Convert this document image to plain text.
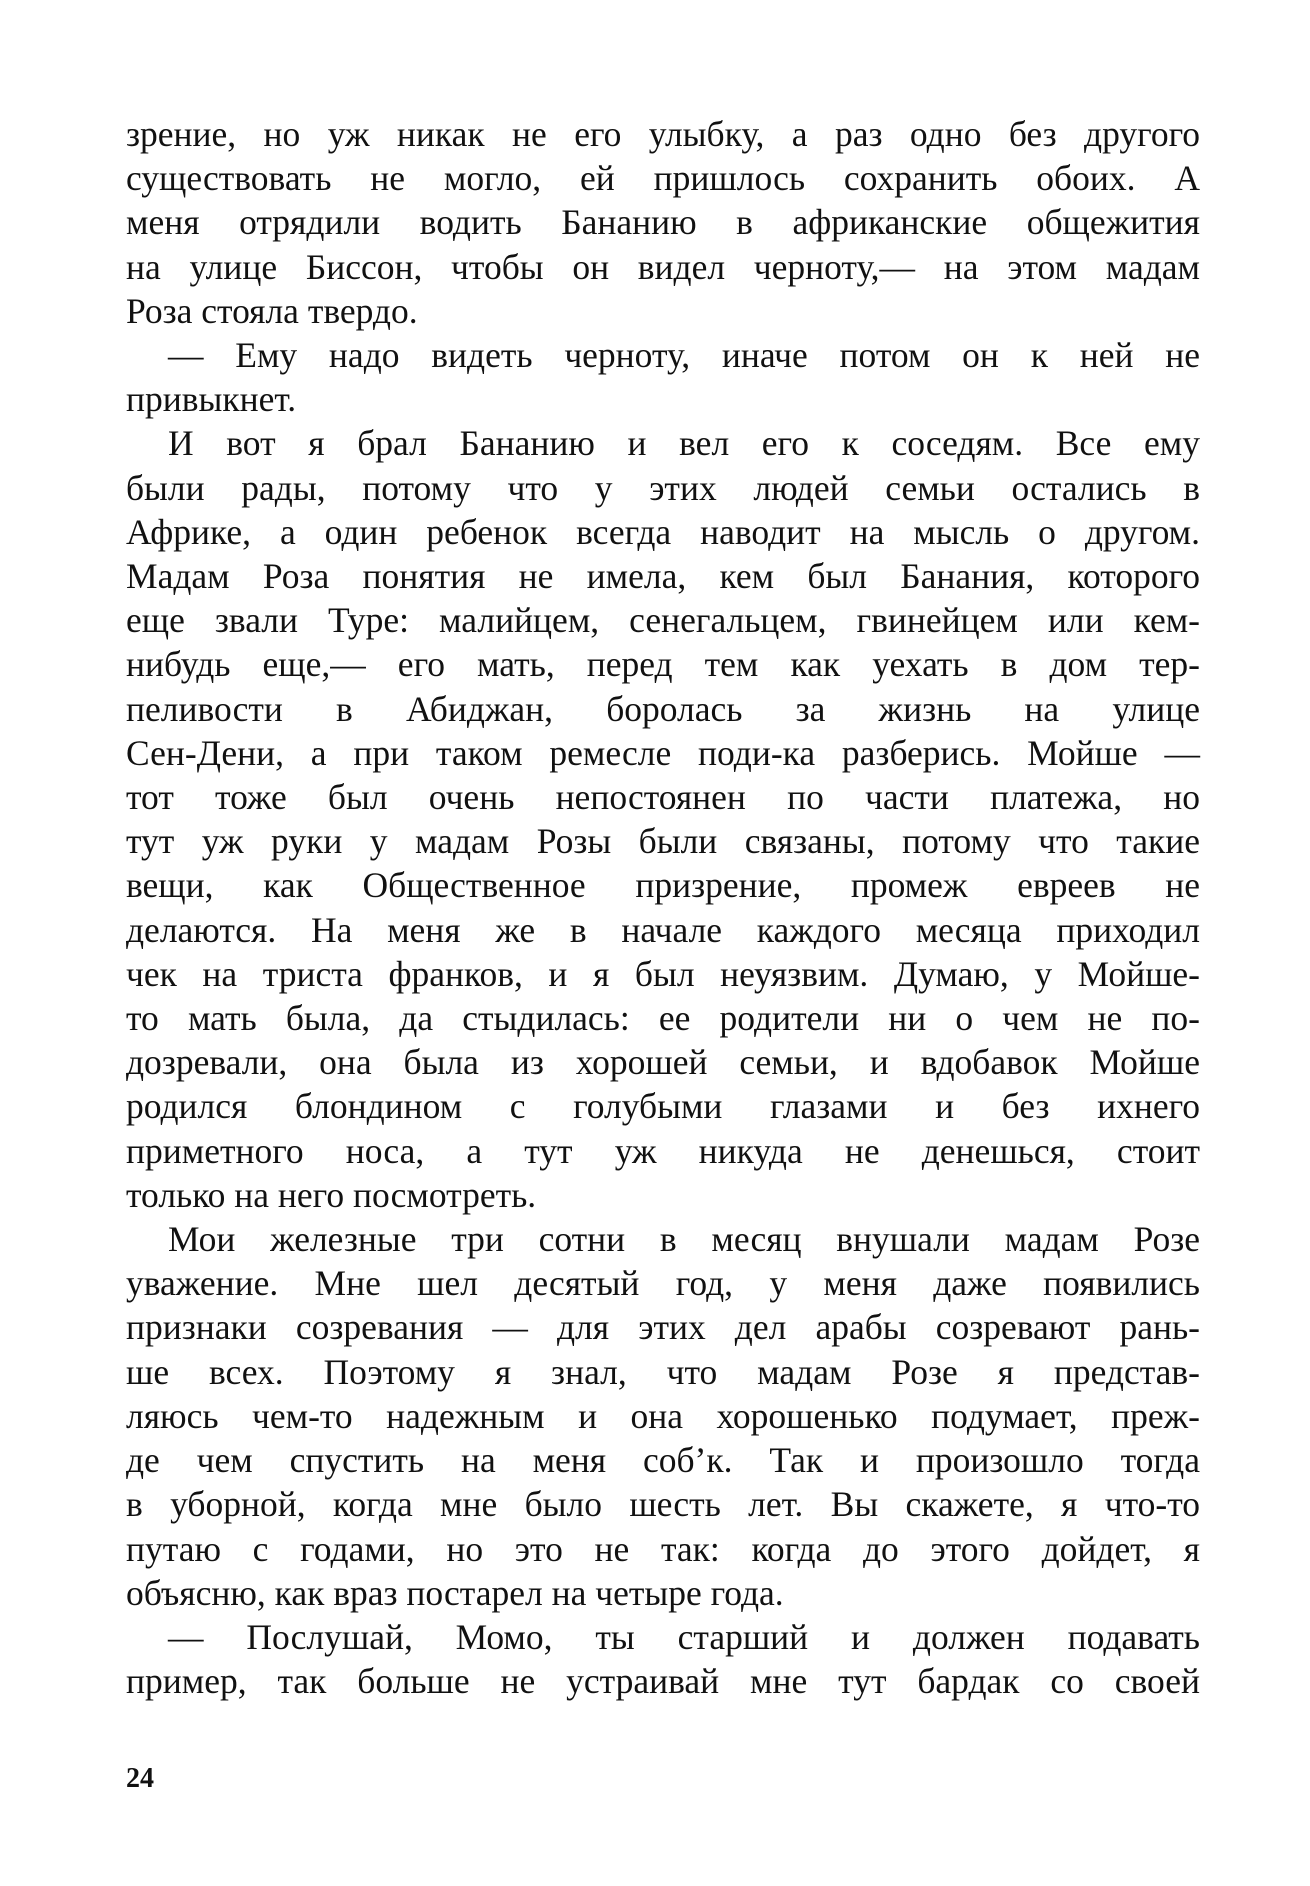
зрение, но уж никак не его улыбку, а раз одно без другого
существовать не могло, ей пришлось сохранить обоих. А
меня отрядили водить Бананию в африканские общежития
на улице Биссон, чтобы он видел черноту,— на этом мадам
Роза стояла твердо.
— Ему надо видеть черноту, иначе потом он к ней не
привыкнет.
И вот я брал Бананию и вел его к соседям. Все ему
были рады, потому что у этих людей семьи остались в
Африке, а один ребенок всегда наводит на мысль о другом.
Мадам Роза понятия не имела, кем был Банания, которого
еще звали Туре: малийцем, сенегальцем, гвинейцем или кем-
нибудь еще,— его мать, перед тем как уехать в дом тер-
пеливости в Абиджан, боролась за жизнь на улице
Сен-Дени, а при таком ремесле поди-ка разберись. Мойше —
тот тоже был очень непостоянен по части платежа, но
тут уж руки у мадам Розы были связаны, потому что такие
вещи, как Общественное призрение, промеж евреев не
делаются. На меня же в начале каждого месяца приходил
чек на триста франков, и я был неуязвим. Думаю, у Мойше-
то мать была, да стыдилась: ее родители ни о чем не по-
дозревали, она была из хорошей семьи, и вдобавок Мойше
родился блондином с голубыми глазами и без ихнего
приметного носа, а тут уж никуда не денешься, стоит
только на него посмотреть.
Мои железные три сотни в месяц внушали мадам Розе
уважение. Мне шел десятый год, у меня даже появились
признаки созревания — для этих дел арабы созревают рань-
ше всех. Поэтому я знал, что мадам Розе я представ-
ляюсь чем-то надежным и она хорошенько подумает, преж-
де чем спустить на меня соб’к. Так и произошло тогда
в уборной, когда мне было шесть лет. Вы скажете, я что-то
путаю с годами, но это не так: когда до этого дойдет, я
объясню, как враз постарел на четыре года.
— Послушай, Момо, ты старший и должен подавать
пример, так больше не устраивай мне тут бардак со своей
24
